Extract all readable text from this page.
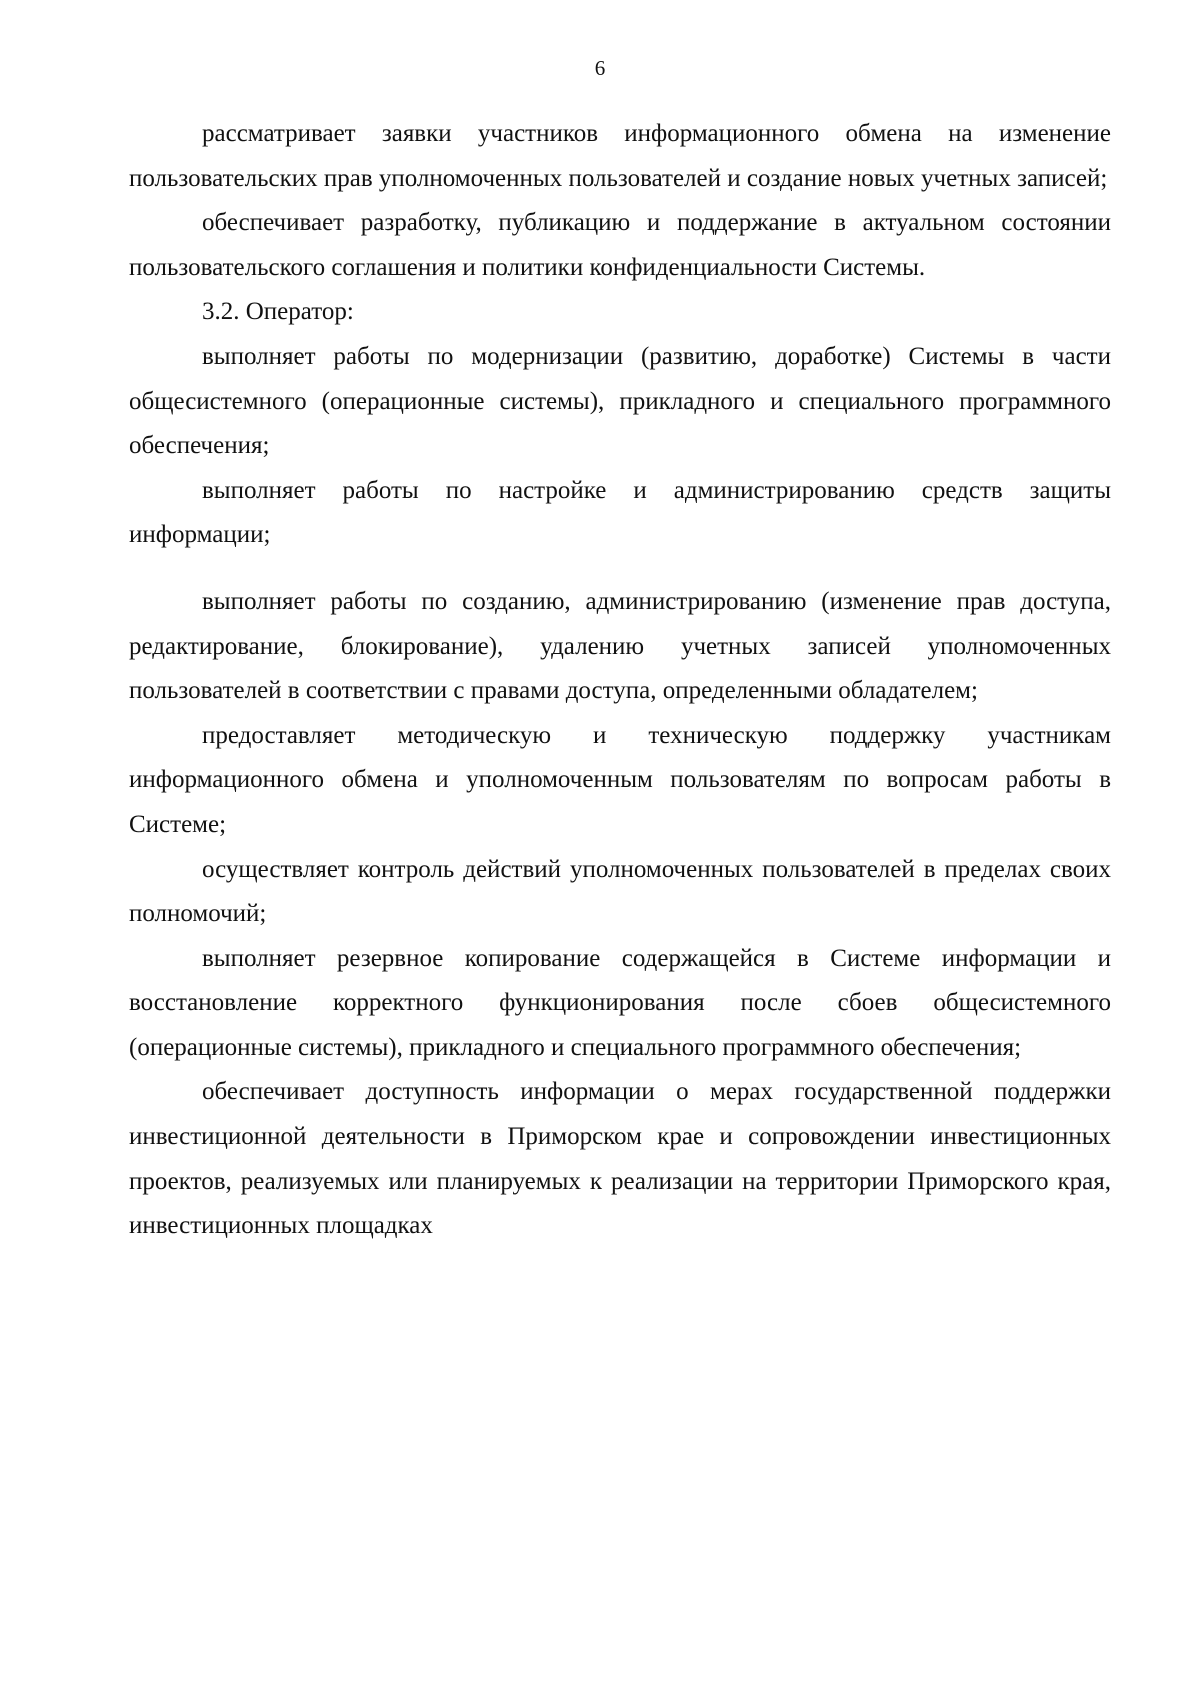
6

рассматривает заявки участников информационного обмена на изменение пользовательских прав уполномоченных пользователей и создание новых учетных записей;

обеспечивает разработку, публикацию и поддержание в актуальном состоянии пользовательского соглашения и политики конфиденциальности Системы.

3.2. Оператор:

выполняет работы по модернизации (развитию, доработке) Системы в части общесистемного (операционные системы), прикладного и специального программного обеспечения;

выполняет работы по настройке и администрированию средств защиты информации;

выполняет работы по созданию, администрированию (изменение прав доступа, редактирование, блокирование), удалению учетных записей уполномоченных пользователей в соответствии с правами доступа, определенными обладателем;

предоставляет методическую и техническую поддержку участникам информационного обмена и уполномоченным пользователям по вопросам работы в Системе;

осуществляет контроль действий уполномоченных пользователей в пределах своих полномочий;

выполняет резервное копирование содержащейся в Системе информации и восстановление корректного функционирования после сбоев общесистемного (операционные системы), прикладного и специального программного обеспечения;

обеспечивает доступность информации о мерах государственной поддержки инвестиционной деятельности в Приморском крае и сопровождении инвестиционных проектов, реализуемых или планируемых к реализации на территории Приморского края, инвестиционных площадках
